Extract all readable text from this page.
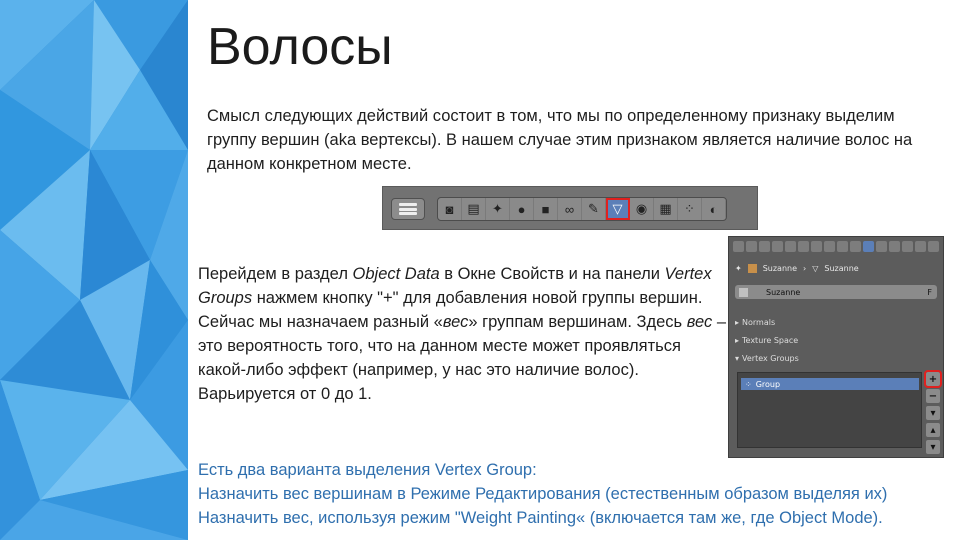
Волосы

Смысл следующих действий состоит в том, что мы по определенному признаку выделим группу вершин (aka вертексы). В нашем случае этим признаком является наличие волос на данном конкретном месте.

◙ ▤ ✦ ● ■ ∞ ✎ ▽ ◉ ▦ ⁘ ◐

Перейдем в раздел Object Data в Окне Свойств и на панели Vertex Groups нажмем кнопку "+" для добавления новой группы вершин. Сейчас мы назначаем разный «вес» группам вершинам. Здесь вес – это вероятность того, что на данном месте может проявляться какой-либо эффект (например, у нас это наличие волос). Варьируется от 0 до 1.

✦	Suzanne › ▽ Suzanne
Suzanne	F
▸ Normals
▸ Texture Space
▾ Vertex Groups
⁘ Group	+
−
▾
▴
▾
Есть два варианта выделения Vertex Group:
Назначить вес вершинам в Режиме Редактирования (естественным образом выделяя их)
Назначить вес, используя режим "Weight Painting« (включается там же, где Object Mode).
